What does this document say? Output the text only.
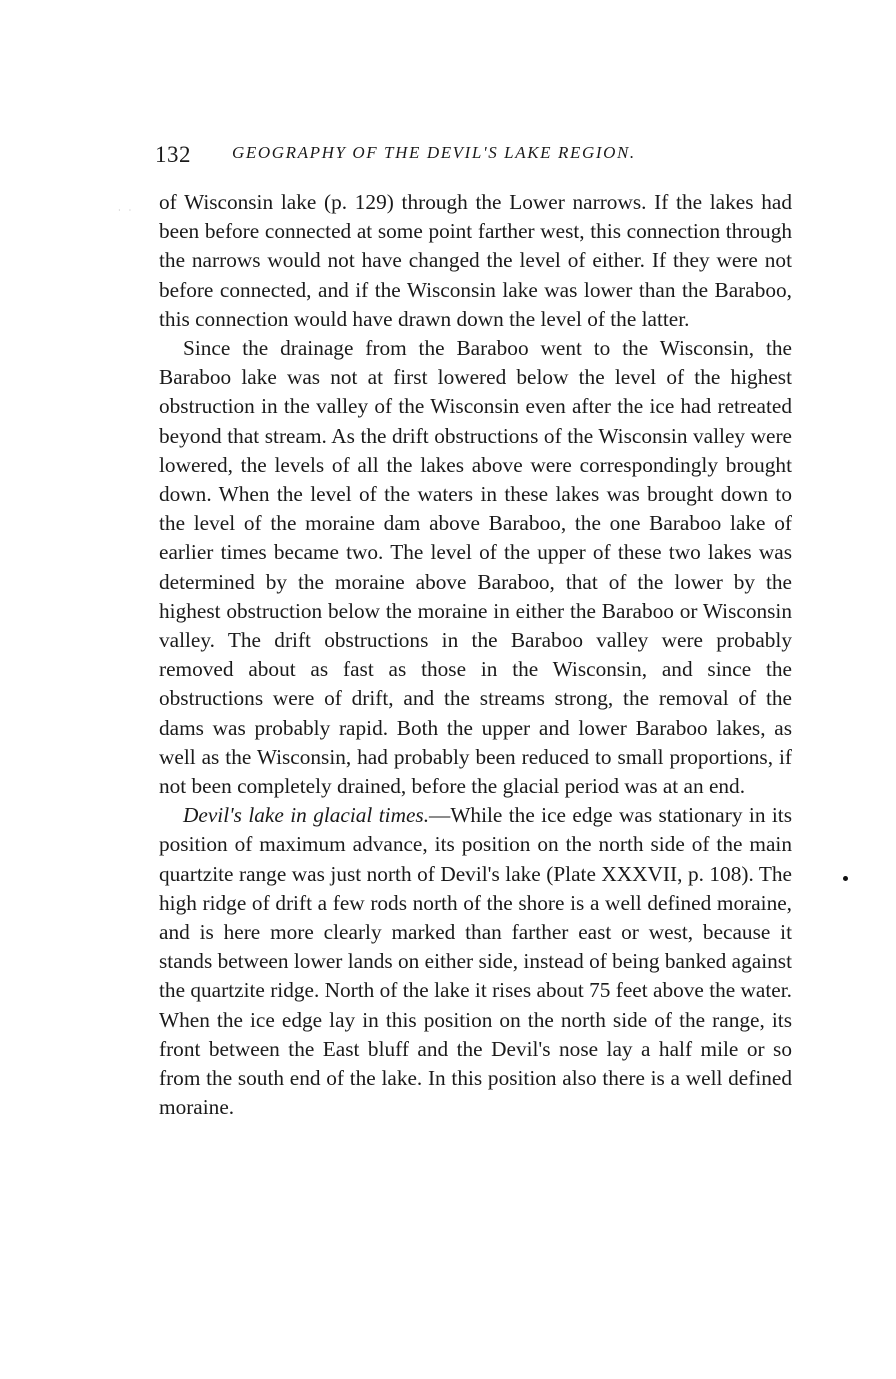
132 GEOGRAPHY OF THE DEVIL'S LAKE REGION.
· · of Wisconsin lake (p. 129) through the Lower narrows. If the lakes had been before connected at some point farther west, this connection through the narrows would not have changed the level of either. If they were not before connected, and if the Wisconsin lake was lower than the Baraboo, this connection would have drawn down the level of the latter.

Since the drainage from the Baraboo went to the Wisconsin, the Baraboo lake was not at first lowered below the level of the highest obstruction in the valley of the Wisconsin even after the ice had retreated beyond that stream. As the drift obstructions of the Wisconsin valley were lowered, the levels of all the lakes above were correspondingly brought down. When the level of the waters in these lakes was brought down to the level of the moraine dam above Baraboo, the one Baraboo lake of earlier times became two. The level of the upper of these two lakes was determined by the moraine above Baraboo, that of the lower by the highest obstruction below the moraine in either the Baraboo or Wisconsin valley. The drift obstructions in the Baraboo valley were probably removed about as fast as those in the Wisconsin, and since the obstructions were of drift, and the streams strong, the removal of the dams was probably rapid. Both the upper and lower Baraboo lakes, as well as the Wisconsin, had probably been reduced to small proportions, if not been completely drained, before the glacial period was at an end.

Devil's lake in glacial times.—While the ice edge was stationary in its position of maximum advance, its position on the north side of the main quartzite range was just north of Devil's lake (Plate XXXVII, p. 108). The high ridge of drift a few rods north of the shore is a well defined moraine, and is here more clearly marked than farther east or west, because it stands between lower lands on either side, instead of being banked against the quartzite ridge. North of the lake it rises about 75 feet above the water. When the ice edge lay in this position on the north side of the range, its front between the East bluff and the Devil's nose lay a half mile or so from the south end of the lake. In this position also there is a well defined moraine.
